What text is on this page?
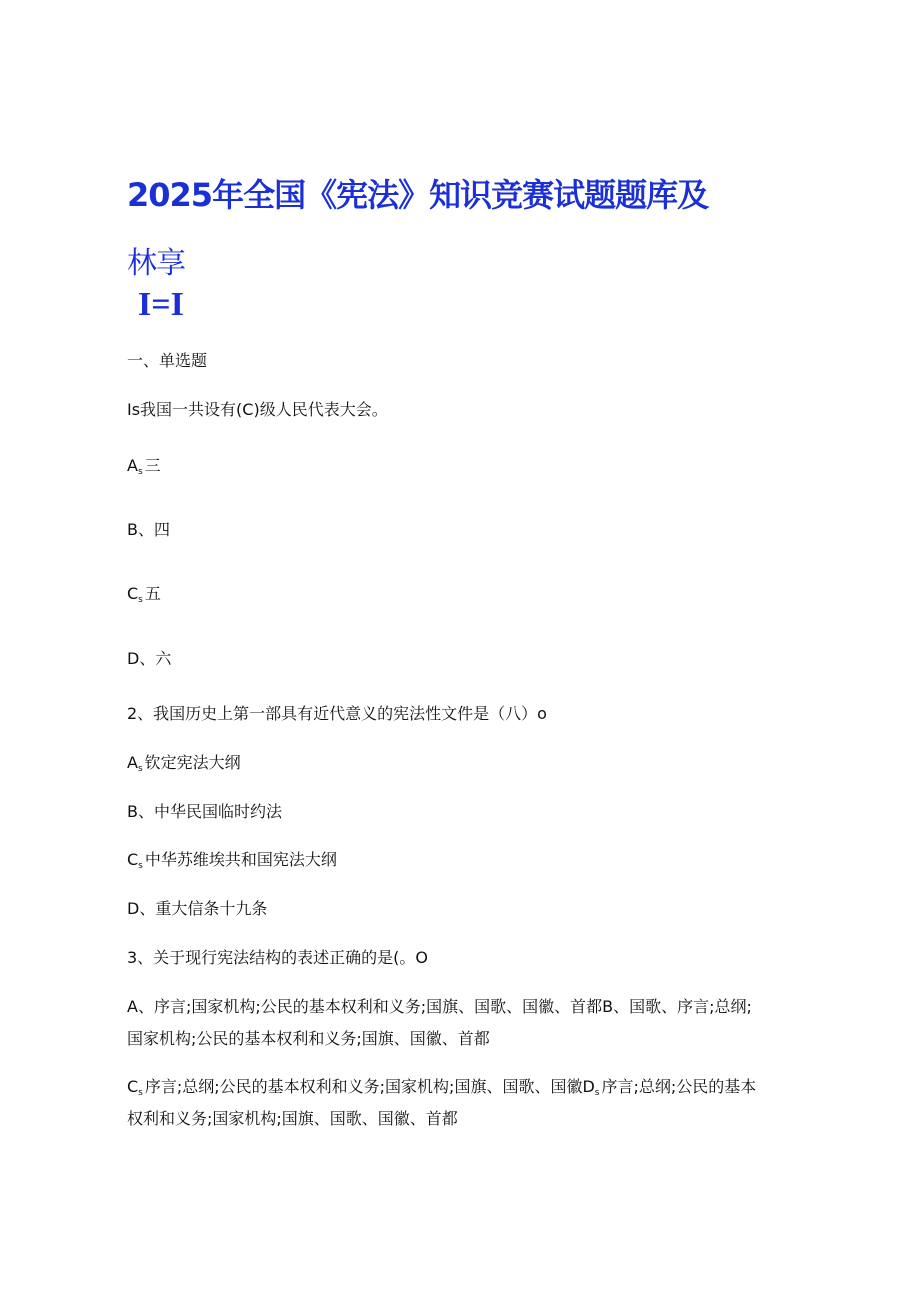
2025年全国《宪法》知识竞赛试题题库及
林享
I=I
一、单选题
Is我国一共设有(C)级人民代表大会。
$A_s$ 三
B、四
$C_s$ 五
D、六
2、我国历史上第一部具有近代意义的宪法性文件是（八）o
$A_s$ 钦定宪法大纲
B、中华民国临时约法
$C_s$ 中华苏维埃共和国宪法大纲
D、重大信条十九条
3、关于现行宪法结构的表述正确的是(。O
A、序言;国家机构;公民的基本权利和义务;国旗、国歌、国徽、首都B、国歌、序言;总纲;
国家机构;公民的基本权利和义务;国旗、国徽、首都
$C_s$ 序言;总纲;公民的基本权利和义务;国家机构;国旗、国歌、国徽$D_s$ 序言;总纲;公民的基本
权利和义务;国家机构;国旗、国歌、国徽、首都
